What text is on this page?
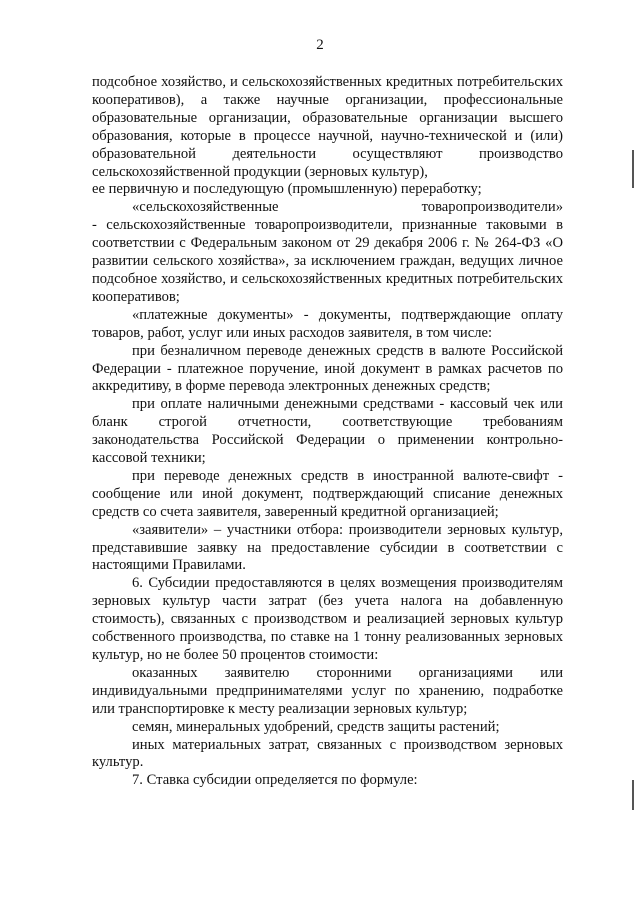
2

подсобное хозяйство, и сельскохозяйственных кредитных потребительских кооперативов), а также научные организации, профессиональные образовательные организации, образовательные организации высшего образования, которые в процессе научной, научно-технической и (или) образовательной деятельности осуществляют производство сельскохозяйственной продукции (зерновых культур),

ее первичную и последующую (промышленную) переработку;

«сельскохозяйственные товаропроизводители»

- сельскохозяйственные товаропроизводители, признанные таковыми в соответствии с Федеральным законом от 29 декабря 2006 г. № 264-ФЗ «О развитии сельского хозяйства», за исключением граждан, ведущих личное подсобное хозяйство, и сельскохозяйственных кредитных потребительских кооперативов;

«платежные документы» - документы, подтверждающие оплату товаров, работ, услуг или иных расходов заявителя, в том числе:

при безналичном переводе денежных средств в валюте Российской Федерации - платежное поручение, иной документ в рамках расчетов по аккредитиву, в форме перевода электронных денежных средств;

при оплате наличными денежными средствами - кассовый чек или бланк строгой отчетности, соответствующие требованиям законодательства Российской Федерации о применении контрольно-кассовой техники;

при переводе денежных средств в иностранной валюте-свифт - сообщение или иной документ, подтверждающий списание денежных средств со счета заявителя, заверенный кредитной организацией;

«заявители» – участники отбора: производители зерновых культур, представившие заявку на предоставление субсидии в соответствии с настоящими Правилами.

6. Субсидии предоставляются в целях возмещения производителям зерновых культур части затрат (без учета налога на добавленную стоимость), связанных с производством и реализацией зерновых культур собственного производства, по ставке на 1 тонну реализованных зерновых культур, но не более 50 процентов стоимости:

оказанных заявителю сторонними организациями или индивидуальными предпринимателями услуг по хранению, подработке или транспортировке к месту реализации зерновых культур;

семян, минеральных удобрений, средств защиты растений;

иных материальных затрат, связанных с производством зерновых культур.

7. Ставка субсидии определяется по формуле:
